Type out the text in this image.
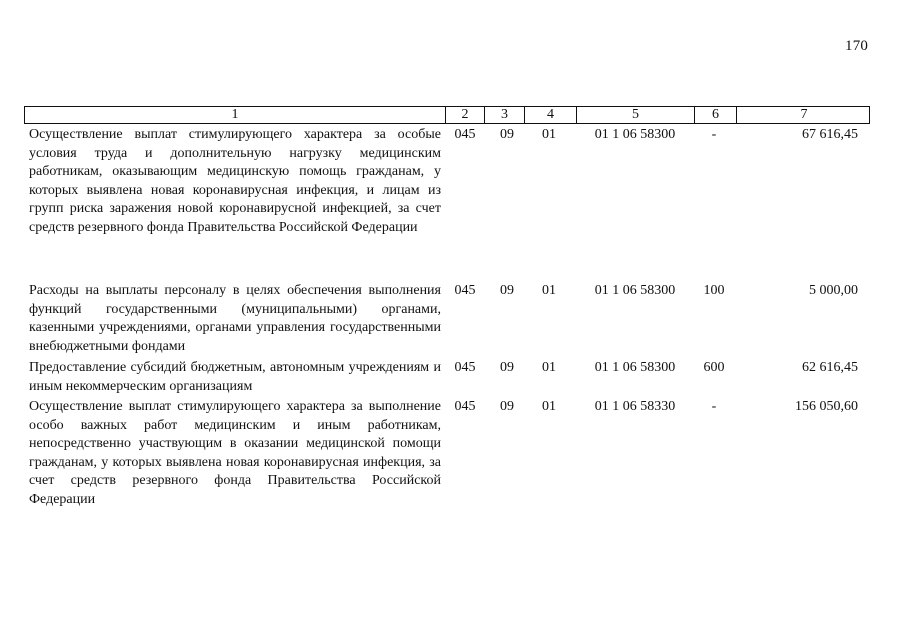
170
1	2	3	4	5	6	7
Осуществление выплат стимулирующего характера за особые условия труда и дополнительную нагрузку медицинским работникам, оказывающим медицинскую помощь гражданам, у которых выявлена новая коронавирусная инфекция, и лицам из групп риска заражения новой коронавирусной инфекцией, за счет средств резервного фонда Правительства Российской Федерации
045	09	01	01 1 06 58300	-	67 616,45
Расходы на выплаты персоналу в целях обеспечения выполнения функций государственными (муниципальными) органами, казенными учреждениями, органами управления государственными внебюджетными фондами
045	09	01	01 1 06 58300	100	5 000,00
Предоставление субсидий бюджетным, автономным учреждениям и иным некоммерческим организациям
045	09	01	01 1 06 58300	600	62 616,45
Осуществление выплат стимулирующего характера за выполнение особо важных работ медицинским и иным работникам, непосредственно участвующим в оказании медицинской помощи гражданам, у которых выявлена новая коронавирусная инфекция, за счет средств резервного фонда Правительства Российской Федерации
045	09	01	01 1 06 58330	-	156 050,60
